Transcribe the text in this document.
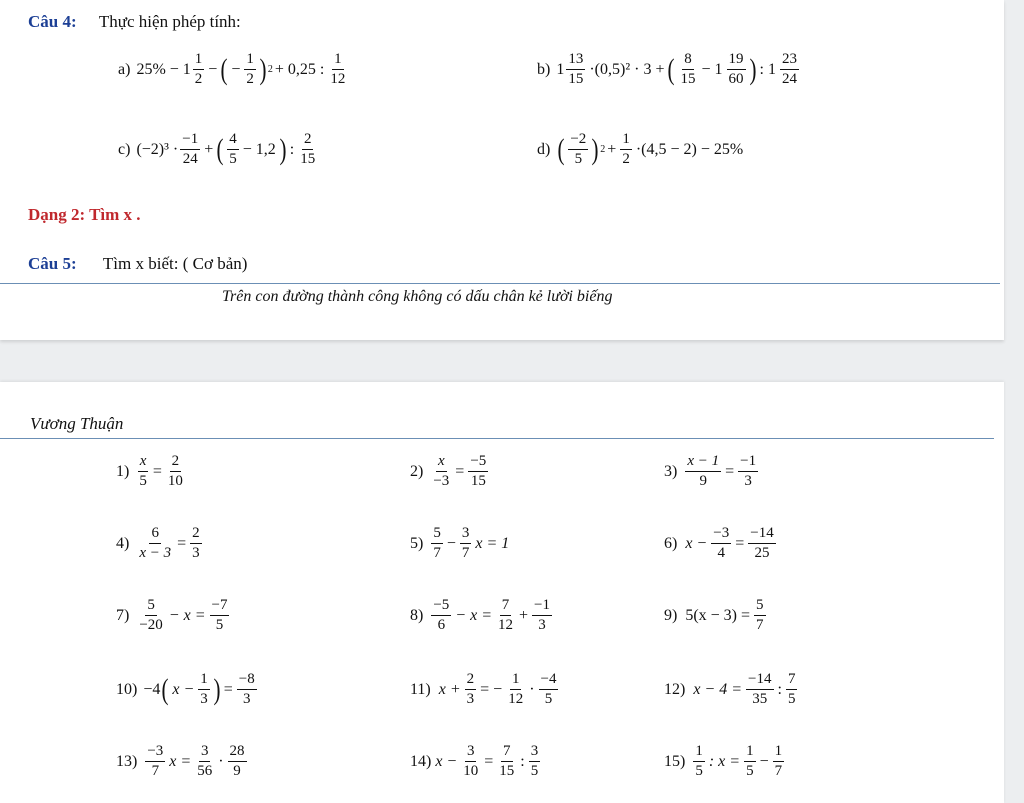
Câu 4: Thực hiện phép tính:
a) $25\% - 1 \frac{1}{2}$ − ( − $\frac{1}{2}$ ) 2 + 0,25 : $\frac{1}{12}$	b) $1 \frac{13}{15} \cdot(0,5)^2 \cdot 3$ + ( $\frac{8}{15} - 1 \frac{19}{60}$ ) : $1 \frac{23}{24}$
c) $(-2)^3 \cdot \frac{-1}{24}$ + ( $\frac{4}{5} - 1,2$ ) : $\frac{2}{15}$	d) ( $\frac{-2}{5}$ ) $2 + \frac{1}{2} \cdot(4,5 - 2) - 25\%$
Dạng 2: Tìm x .
Câu 5: Tìm x biết: ( Cơ bản)
Trên con đường thành công không có dấu chân kẻ lười biếng
Vương Thuận
$1) \frac{x}{5} = \frac{2}{10}$	$2) \frac{x}{-3} = \frac{-5}{15}$	$3) \frac{x - 1}{9} = \frac{-1}{3}$
$4) \frac{6}{x - 3} = \frac{2}{3}$	$5) \frac{5}{7} - \frac{3}{7}$ x = 1	6) $x - \frac{-3}{4} = \frac{-14}{25}$
$7) \frac{5}{-20} - x = \frac{-7}{5}$	$8) \frac{-5}{6} - x = \frac{7}{12} + \frac{-1}{3}$	9) $5(x - 3) = \frac{5}{7}$
10) −4 ( $x - \frac{1}{3}$ ) = $\frac{-8}{3}$	11) $x + \frac{2}{3}$ = − $\frac{1}{12} \cdot \frac{-4}{5}$	12) $x - 4 = \frac{-14}{35}$ : $\frac{7}{5}$
$13) \frac{-3}{7}$ $x = \frac{3}{56} \cdot \frac{28}{9}$	14) $x - \frac{3}{10} = \frac{7}{15}$ : $\frac{3}{5}$	$15) \frac{1}{5}$ : $x = \frac{1}{5} - \frac{1}{7}$
